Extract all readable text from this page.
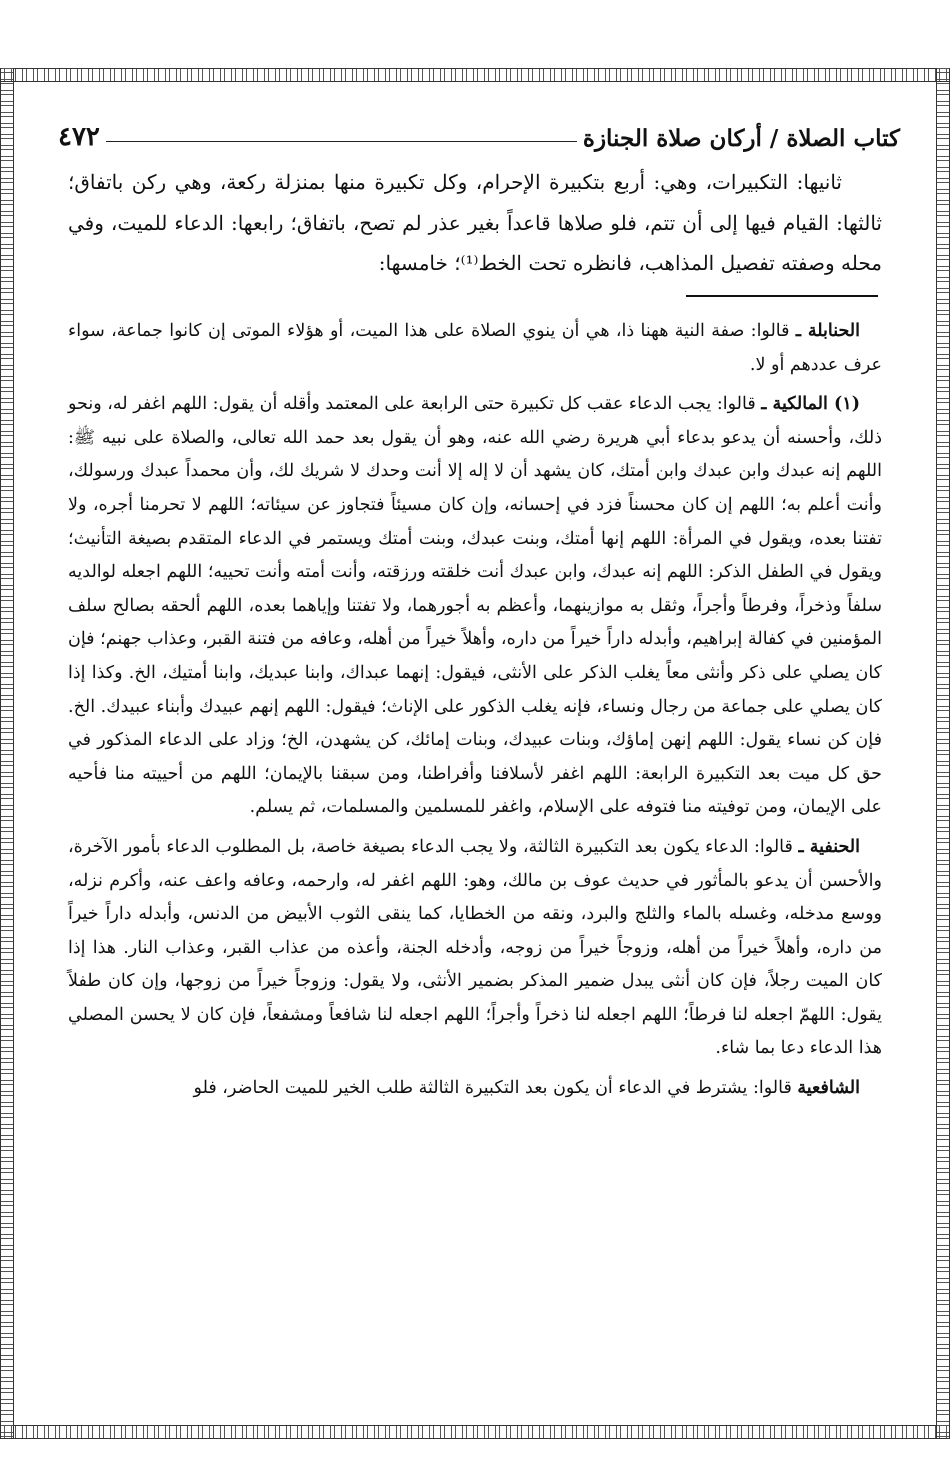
كتاب الصلاة / أركان صلاة الجنازة
٤٧٢

ثانيها: التكبيرات، وهي: أربع بتكبيرة الإحرام، وكل تكبيرة منها بمنزلة ركعة، وهي ركن باتفاق؛ ثالثها: القيام فيها إلى أن تتم، فلو صلاها قاعداً بغير عذر لم تصح، باتفاق؛ رابعها: الدعاء للميت، وفي محله وصفته تفصيل المذاهب، فانظره تحت الخط⁽¹⁾؛ خامسها:

الحنابلة ـ قالوا: صفة النية ههنا ذا، هي أن ينوي الصلاة على هذا الميت، أو هؤلاء الموتى إن كانوا جماعة، سواء عرف عددهم أو لا.

(١) المالكية ـ قالوا: يجب الدعاء عقب كل تكبيرة حتى الرابعة على المعتمد وأقله أن يقول: اللهم اغفر له، ونحو ذلك، وأحسنه أن يدعو بدعاء أبي هريرة رضي الله عنه، وهو أن يقول بعد حمد الله تعالى، والصلاة على نبيه ﷺ: اللهم إنه عبدك وابن عبدك وابن أمتك، كان يشهد أن لا إله إلا أنت وحدك لا شريك لك، وأن محمداً عبدك ورسولك، وأنت أعلم به؛ اللهم إن كان محسناً فزد في إحسانه، وإن كان مسيئاً فتجاوز عن سيئاته؛ اللهم لا تحرمنا أجره، ولا تفتنا بعده، ويقول في المرأة: اللهم إنها أمتك، وبنت عبدك، وبنت أمتك ويستمر في الدعاء المتقدم بصيغة التأنيث؛ ويقول في الطفل الذكر: اللهم إنه عبدك، وابن عبدك أنت خلقته ورزقته، وأنت أمته وأنت تحييه؛ اللهم اجعله لوالديه سلفاً وذخراً، وفرطاً وأجراً، وثقل به موازينهما، وأعظم به أجورهما، ولا تفتنا وإياهما بعده، اللهم ألحقه بصالح سلف المؤمنين في كفالة إبراهيم، وأبدله داراً خيراً من داره، وأهلاً خيراً من أهله، وعافه من فتنة القبر، وعذاب جهنم؛ فإن كان يصلي على ذكر وأنثى معاً يغلب الذكر على الأنثى، فيقول: إنهما عبداك، وابنا عبديك، وابنا أمتيك، الخ. وكذا إذا كان يصلي على جماعة من رجال ونساء، فإنه يغلب الذكور على الإناث؛ فيقول: اللهم إنهم عبيدك وأبناء عبيدك. الخ. فإن كن نساء يقول: اللهم إنهن إماؤك، وبنات عبيدك، وبنات إمائك، كن يشهدن، الخ؛ وزاد على الدعاء المذكور في حق كل ميت بعد التكبيرة الرابعة: اللهم اغفر لأسلافنا وأفراطنا، ومن سبقنا بالإيمان؛ اللهم من أحييته منا فأحيه على الإيمان، ومن توفيته منا فتوفه على الإسلام، واغفر للمسلمين والمسلمات، ثم يسلم.

الحنفية ـ قالوا: الدعاء يكون بعد التكبيرة الثالثة، ولا يجب الدعاء بصيغة خاصة، بل المطلوب الدعاء بأمور الآخرة، والأحسن أن يدعو بالمأثور في حديث عوف بن مالك، وهو: اللهم اغفر له، وارحمه، وعافه واعف عنه، وأكرم نزله، ووسع مدخله، وغسله بالماء والثلج والبرد، ونقه من الخطايا، كما ينقى الثوب الأبيض من الدنس، وأبدله داراً خيراً من داره، وأهلاً خيراً من أهله، وزوجاً خيراً من زوجه، وأدخله الجنة، وأعذه من عذاب القبر، وعذاب النار. هذا إذا كان الميت رجلاً، فإن كان أنثى يبدل ضمير المذكر بضمير الأنثى، ولا يقول: وزوجاً خيراً من زوجها، وإن كان طفلاً يقول: اللهمّ اجعله لنا فرطاً؛ اللهم اجعله لنا ذخراً وأجراً؛ اللهم اجعله لنا شافعاً ومشفعاً، فإن كان لا يحسن المصلي هذا الدعاء دعا بما شاء.

الشافعية قالوا: يشترط في الدعاء أن يكون بعد التكبيرة الثالثة طلب الخير للميت الحاضر، فلو
